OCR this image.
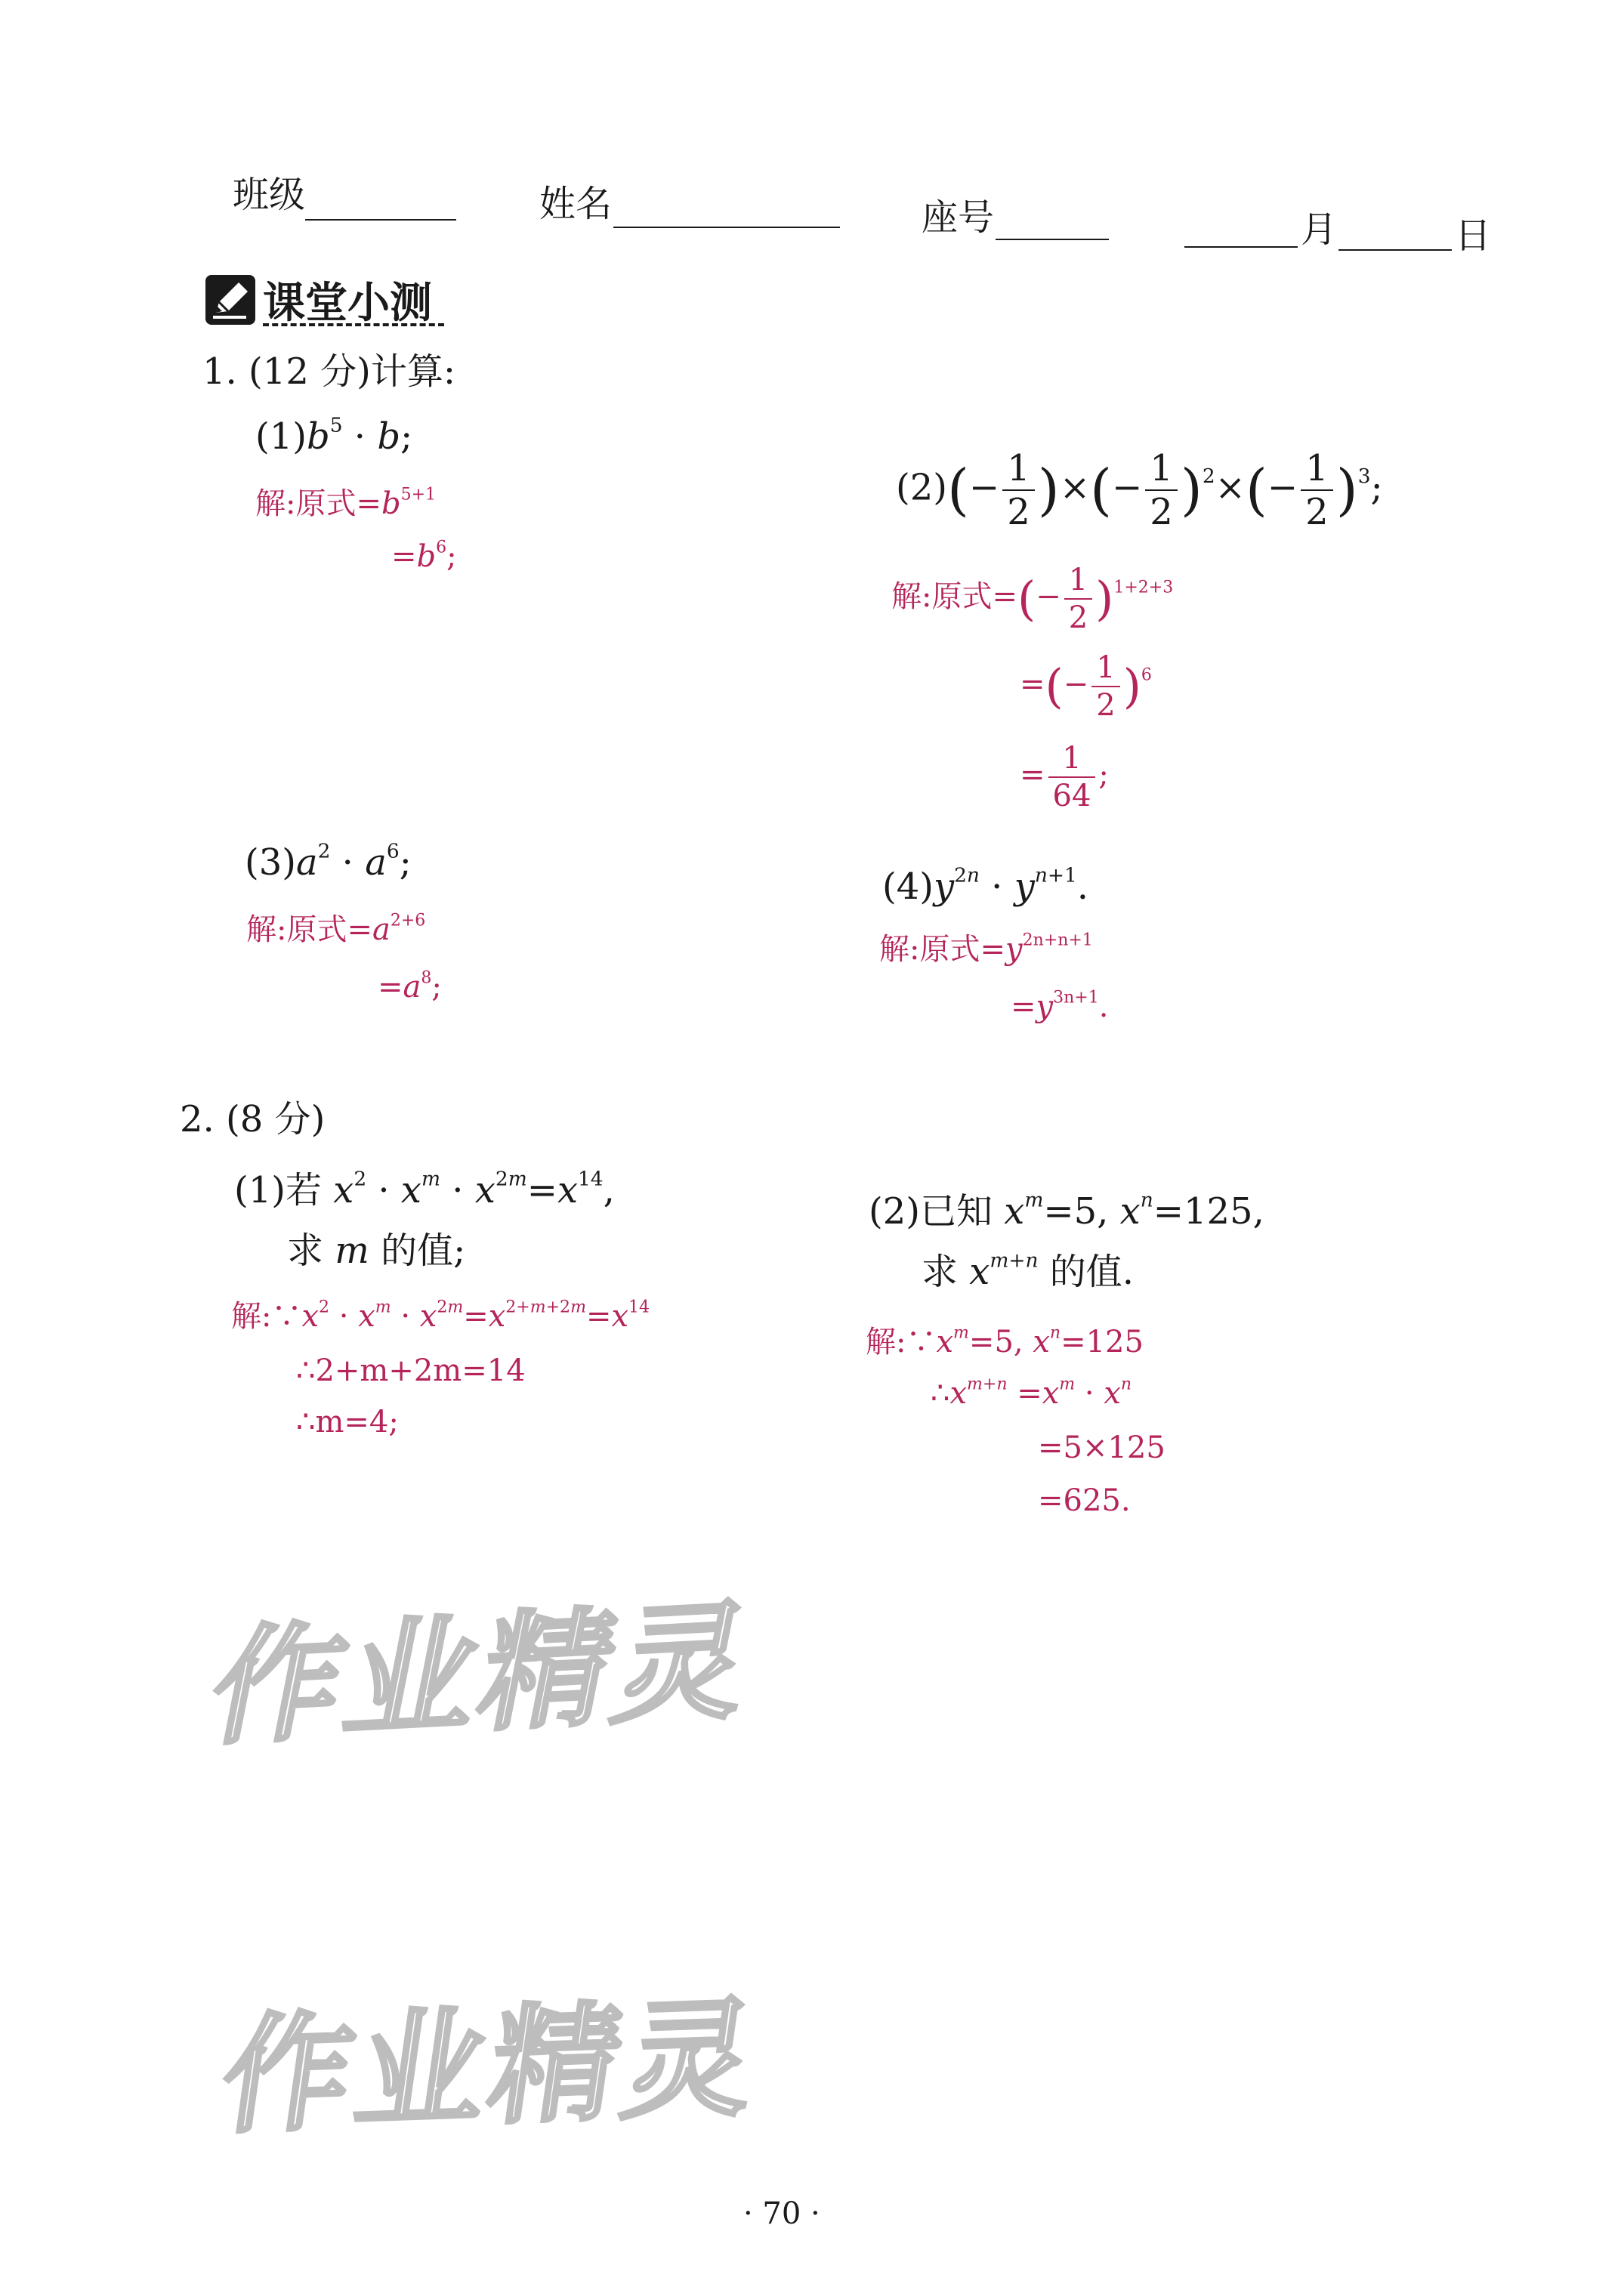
班级	姓名	座号	月	日
课堂小测
1. (12 分)计算:
$(1)b^5 \cdot b$;
解:原式$=b^{5+1}$
$=b^6$;
$(2)(- \frac{1}{2}$ )×(− $\frac{1}{2} )^2\times(- \frac{1}{2} )^3$;
解:原式=(− $\frac{1}{2} )^{1+2+3}$
=(− $\frac{1}{2} )^6$
= $\frac{1}{64}$ ;
$(3)a^2 \cdot a^6$;
解:原式$=a^{2+6}$
$=a^8$;
$(4)y^{2n} \cdot y^{n+1}$.
解:原式$=y^{2n+n+1}$
$=y^{3n+1}$.
2. (8 分)
(1)若 $x^2 \cdot x^m \cdot x^{2m}=x^{14}$,
求 m 的值;
解$:\because x^2 \cdot x^m \cdot x^{2m}=x^{2+m+2m}=x^{14}$
∴2+m+2m=14
∴m=4;
(2)已知 $x^m=5$, $x^n=125$,
求 $x^{m+n}$ 的值.
解$:\because x^m=5$, $x^n=125$
$\therefore x^{m+n} =x^m \cdot x^n$
=5×125
=625.
作业精灵
作业精灵
· 70 ·
